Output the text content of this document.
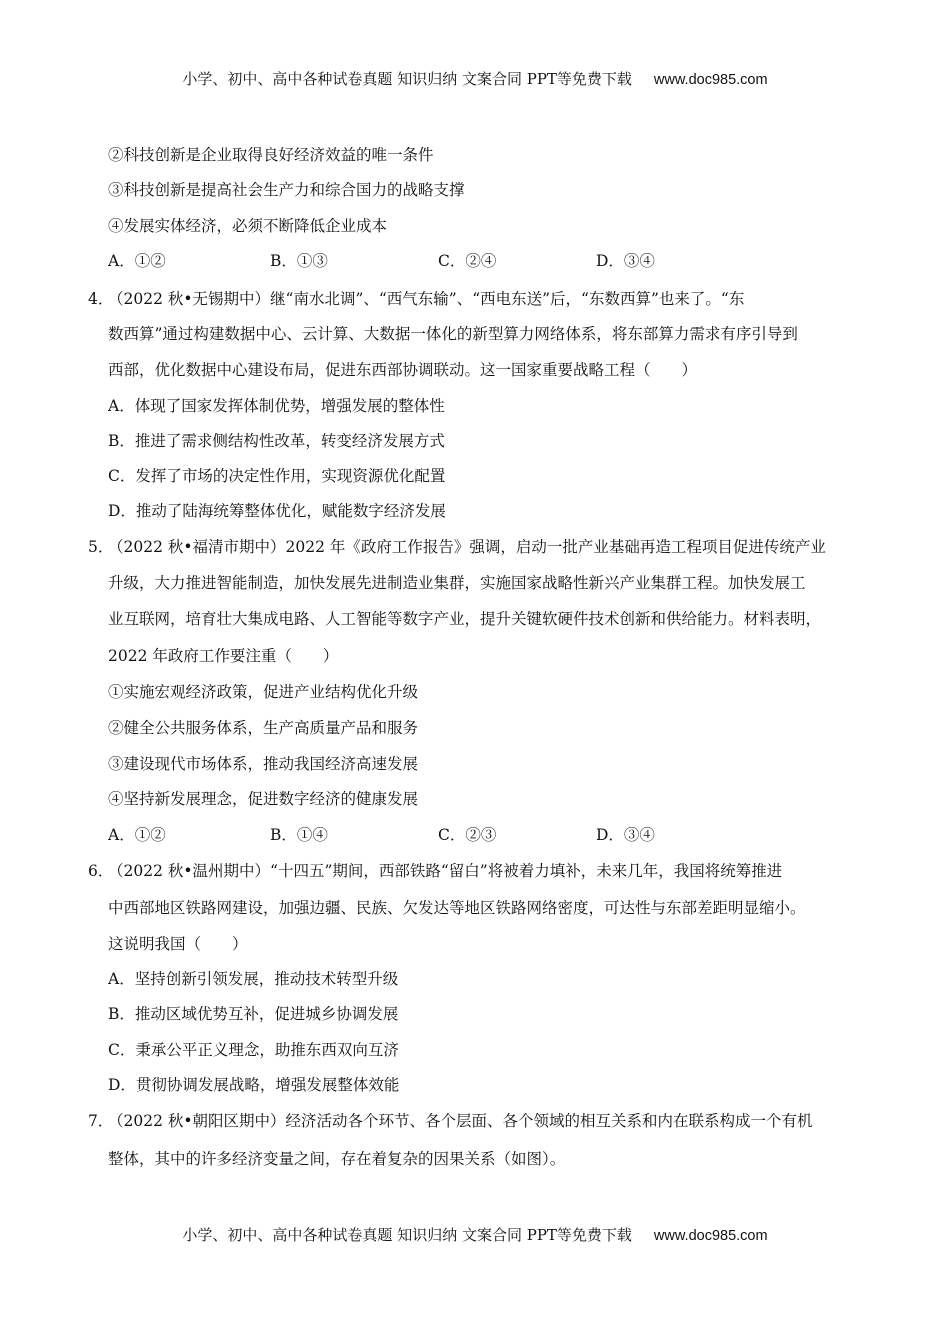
小学、初中、高中各种试卷真题 知识归纳 文案合同 PPT等免费下载 www.doc985.com
②科技创新是企业取得良好经济效益的唯一条件
③科技创新是提高社会生产力和综合国力的战略支撑
④发展实体经济，必须不断降低企业成本
A．①②	B．①③	C．②④	D．③④
4．
（2022 秋•无锡期中）继“南水北调”、“西气东输”、“西电东送”后，“东数西算”也来了。“东
数西算”通过构建数据中心、云计算、大数据一体化的新型算力网络体系，将东部算力需求有序引导到
西部，优化数据中心建设布局，促进东西部协调联动。这一国家重要战略工程（　　）
A．体现了国家发挥体制优势，增强发展的整体性
B．推进了需求侧结构性改革，转变经济发展方式
C．发挥了市场的决定性作用，实现资源优化配置
D．推动了陆海统筹整体优化，赋能数字经济发展
5．
（2022 秋•福清市期中）2022 年《政府工作报告》强调，启动一批产业基础再造工程项目促进传统产业
升级，大力推进智能制造，加快发展先进制造业集群，实施国家战略性新兴产业集群工程。加快发展工
业互联网，培育壮大集成电路、人工智能等数字产业，提升关键软硬件技术创新和供给能力。材料表明，
2022 年政府工作要注重（　　）
①实施宏观经济政策，促进产业结构优化升级
②健全公共服务体系，生产高质量产品和服务
③建设现代市场体系，推动我国经济高速发展
④坚持新发展理念，促进数字经济的健康发展
A．①②	B．①④	C．②③	D．③④
6．
（2022 秋•温州期中）“十四五”期间，西部铁路“留白”将被着力填补，未来几年，我国将统筹推进
中西部地区铁路网建设，加强边疆、民族、欠发达等地区铁路网络密度，可达性与东部差距明显缩小。
这说明我国（　　）
A．坚持创新引领发展，推动技术转型升级
B．推动区域优势互补，促进城乡协调发展
C．秉承公平正义理念，助推东西双向互济
D．贯彻协调发展战略，增强发展整体效能
7．
（2022 秋•朝阳区期中）经济活动各个环节、各个层面、各个领域的相互关系和内在联系构成一个有机
整体，其中的许多经济变量之间，存在着复杂的因果关系（如图）。
小学、初中、高中各种试卷真题 知识归纳 文案合同 PPT等免费下载 www.doc985.com
